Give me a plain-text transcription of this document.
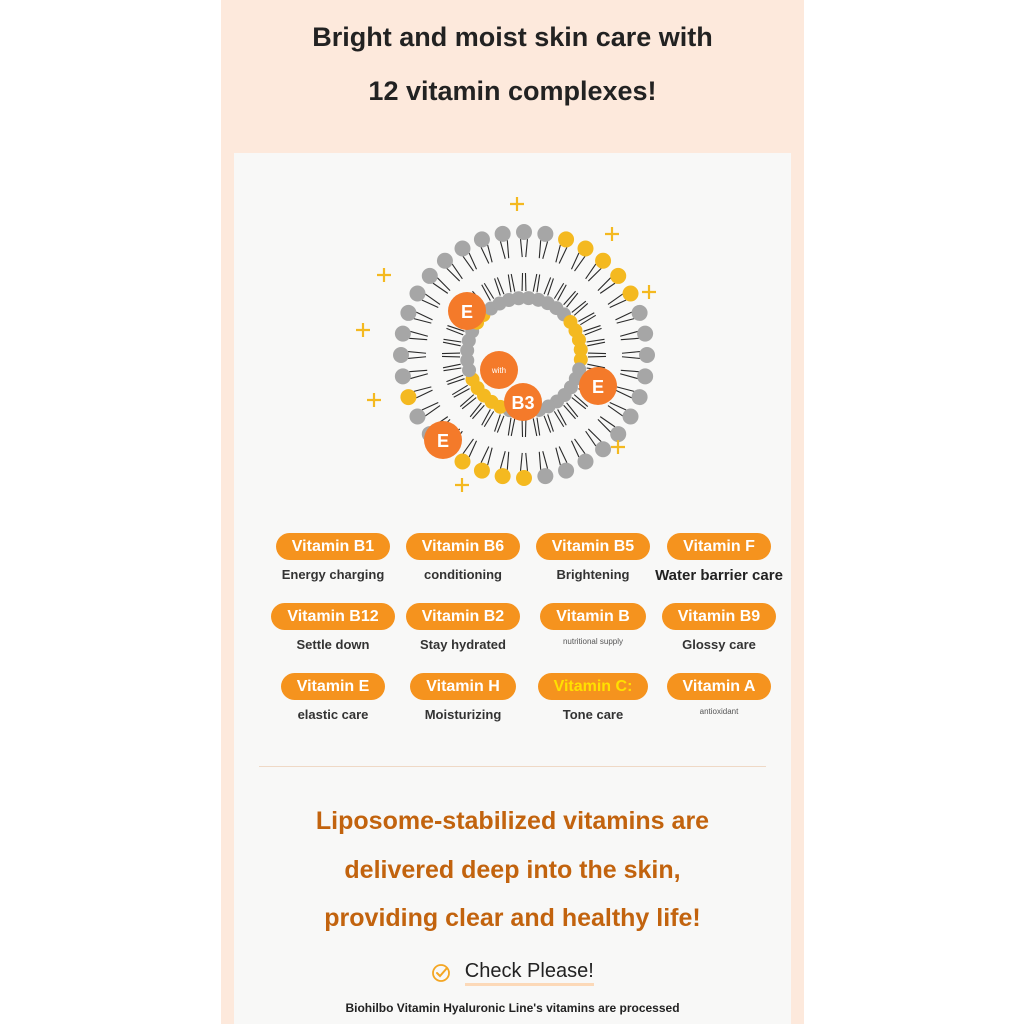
Bright and moist skin care with
12 vitamin complexes!
E
E
E
with
B3
Vitamin B1
Energy charging
Vitamin B6
conditioning
Vitamin B5
Brightening
Vitamin F
Water barrier care
Vitamin B12
Settle down
Vitamin B2
Stay hydrated
Vitamin B
nutritional supply
Vitamin B9
Glossy care
Vitamin E
elastic care
Vitamin H
Moisturizing
Vitamin C:
Tone care
Vitamin A
antioxidant
Liposome-stabilized vitamins are
delivered deep into the skin,
providing clear and healthy life!
Check Please!
Biohilbo Vitamin Hyaluronic Line's vitamins are processed
